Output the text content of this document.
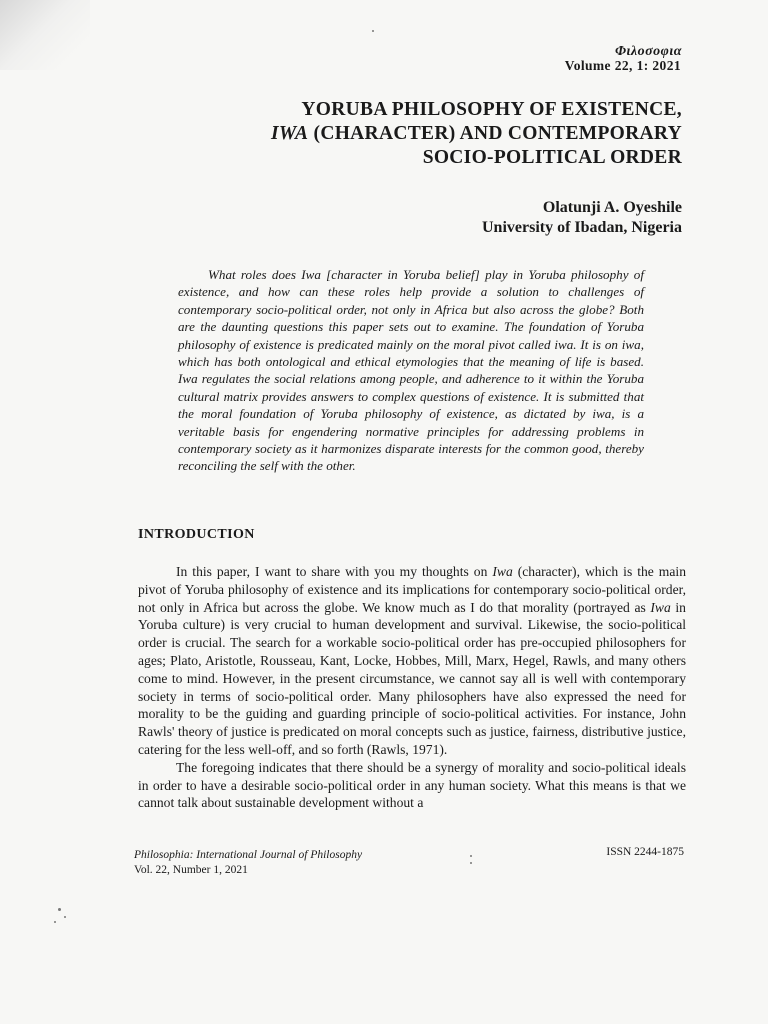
Φιλοσοφια
Volume 22, 1: 2021
YORUBA PHILOSOPHY OF EXISTENCE,
IWA (CHARACTER) AND CONTEMPORARY
SOCIO-POLITICAL ORDER
Olatunji A. Oyeshile
University of Ibadan, Nigeria

What roles does Iwa [character in Yoruba belief] play in Yoruba philosophy of existence, and how can these roles help provide a solution to challenges of contemporary socio-political order, not only in Africa but also across the globe? Both are the daunting questions this paper sets out to examine. The foundation of Yoruba philosophy of existence is predicated mainly on the moral pivot called iwa. It is on iwa, which has both ontological and ethical etymologies that the meaning of life is based. Iwa regulates the social relations among people, and adherence to it within the Yoruba cultural matrix provides answers to complex questions of existence. It is submitted that the moral foundation of Yoruba philosophy of existence, as dictated by iwa, is a veritable basis for engendering normative principles for addressing problems in contemporary society as it harmonizes disparate interests for the common good, thereby reconciling the self with the other.

INTRODUCTION

In this paper, I want to share with you my thoughts on Iwa (character), which is the main pivot of Yoruba philosophy of existence and its implications for contemporary socio-political order, not only in Africa but across the globe. We know much as I do that morality (portrayed as Iwa in Yoruba culture) is very crucial to human development and survival. Likewise, the socio-political order is crucial. The search for a workable socio-political order has pre-occupied philosophers for ages; Plato, Aristotle, Rousseau, Kant, Locke, Hobbes, Mill, Marx, Hegel, Rawls, and many others come to mind. However, in the present circumstance, we cannot say all is well with contemporary society in terms of socio-political order. Many philosophers have also expressed the need for morality to be the guiding and guarding principle of socio-political activities. For instance, John Rawls' theory of justice is predicated on moral concepts such as justice, fairness, distributive justice, catering for the less well-off, and so forth (Rawls, 1971).

The foregoing indicates that there should be a synergy of morality and socio-political ideals in order to have a desirable socio-political order in any human society. What this means is that we cannot talk about sustainable development without a

Philosophia: International Journal of Philosophy
Vol. 22, Number 1, 2021
ISSN 2244-1875
